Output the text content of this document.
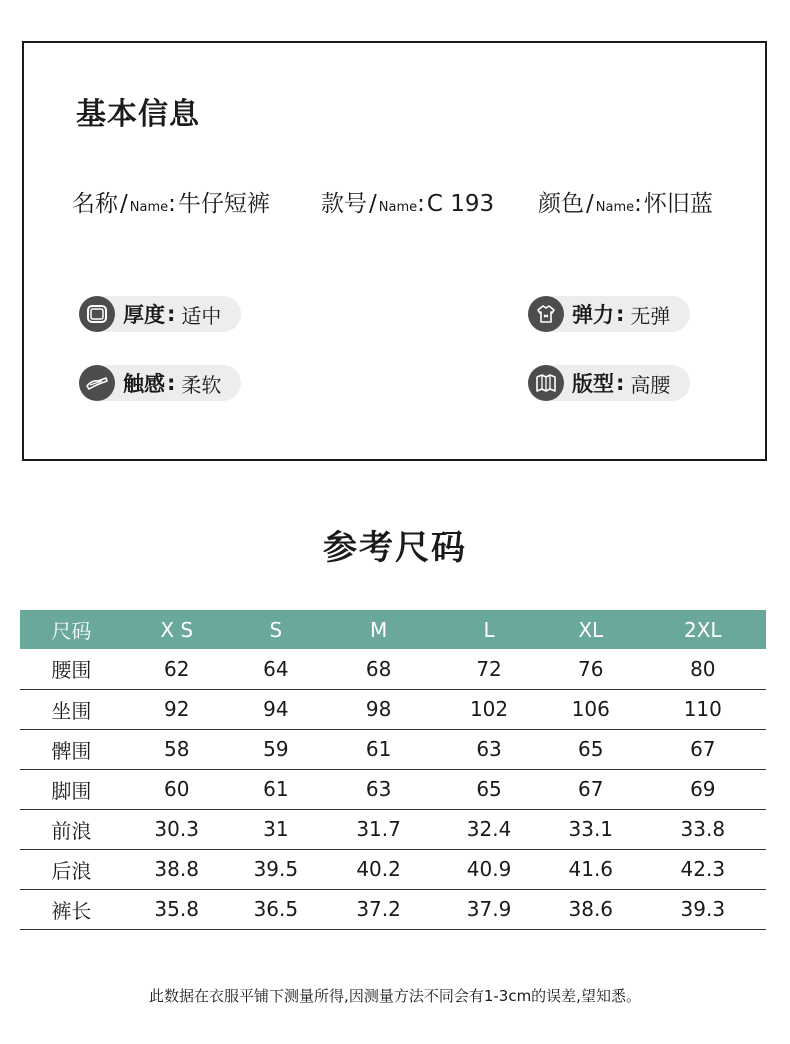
基本信息
名称 / Name : 牛仔短裤 款号 / Name : C 193 颜色 / Name : 怀旧蓝
厚度 : 适中	弹力 : 无弹
触感 : 柔软	版型 : 高腰
参考尺码
尺码	X S	S	M	L	XL	2XL
腰围	62	64	68	72	76	80
坐围	92	94	98	102	106	110
髀围	58	59	61	63	65	67
脚围	60	61	63	65	67	69
前浪	30.3	31	31.7	32.4	33.1	33.8
后浪	38.8	39.5	40.2	40.9	41.6	42.3
裤长	35.8	36.5	37.2	37.9	38.6	39.3
此数据在衣服平铺下测量所得,因测量方法不同会有1-3cm的误差,望知悉。
